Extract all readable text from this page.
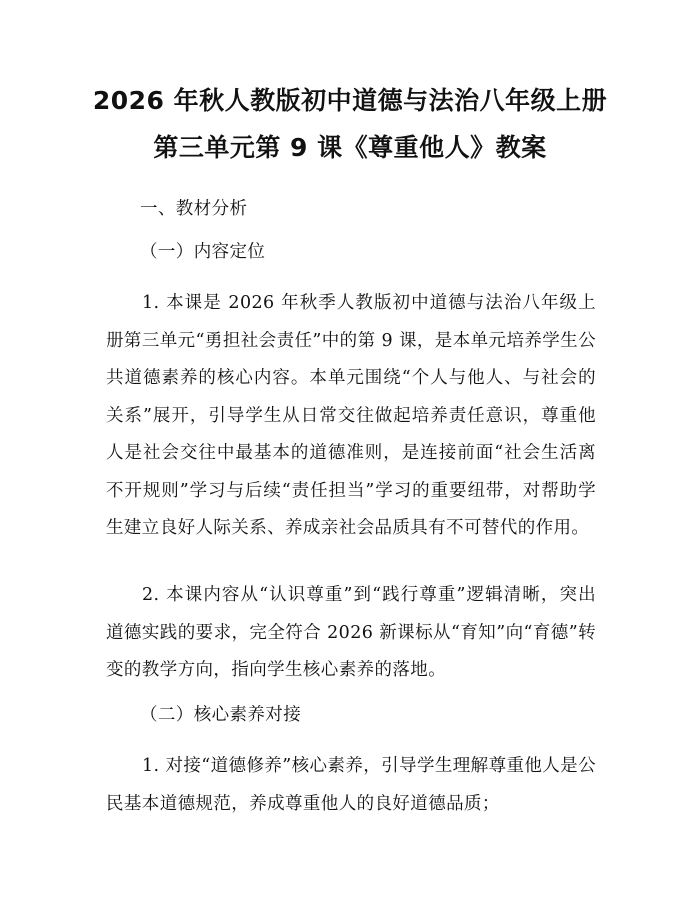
2026 年秋人教版初中道德与法治八年级上册
第三单元第 9 课《尊重他人》教案

一、教材分析

（一）内容定位

1. 本课是 2026 年秋季人教版初中道德与法治八年级上册第三单元“勇担社会责任”中的第 9 课，是本单元培养学生公共道德素养的核心内容。本单元围绕“个人与他人、与社会的关系”展开，引导学生从日常交往做起培养责任意识，尊重他人是社会交往中最基本的道德准则，是连接前面“社会生活离不开规则”学习与后续“责任担当”学习的重要纽带，对帮助学生建立良好人际关系、养成亲社会品质具有不可替代的作用。

2. 本课内容从“认识尊重”到“践行尊重”逻辑清晰，突出道德实践的要求，完全符合 2026 新课标从“育知”向“育德”转变的教学方向，指向学生核心素养的落地。

（二）核心素养对接

1. 对接“道德修养”核心素养，引导学生理解尊重他人是公民基本道德规范，养成尊重他人的良好道德品质；
